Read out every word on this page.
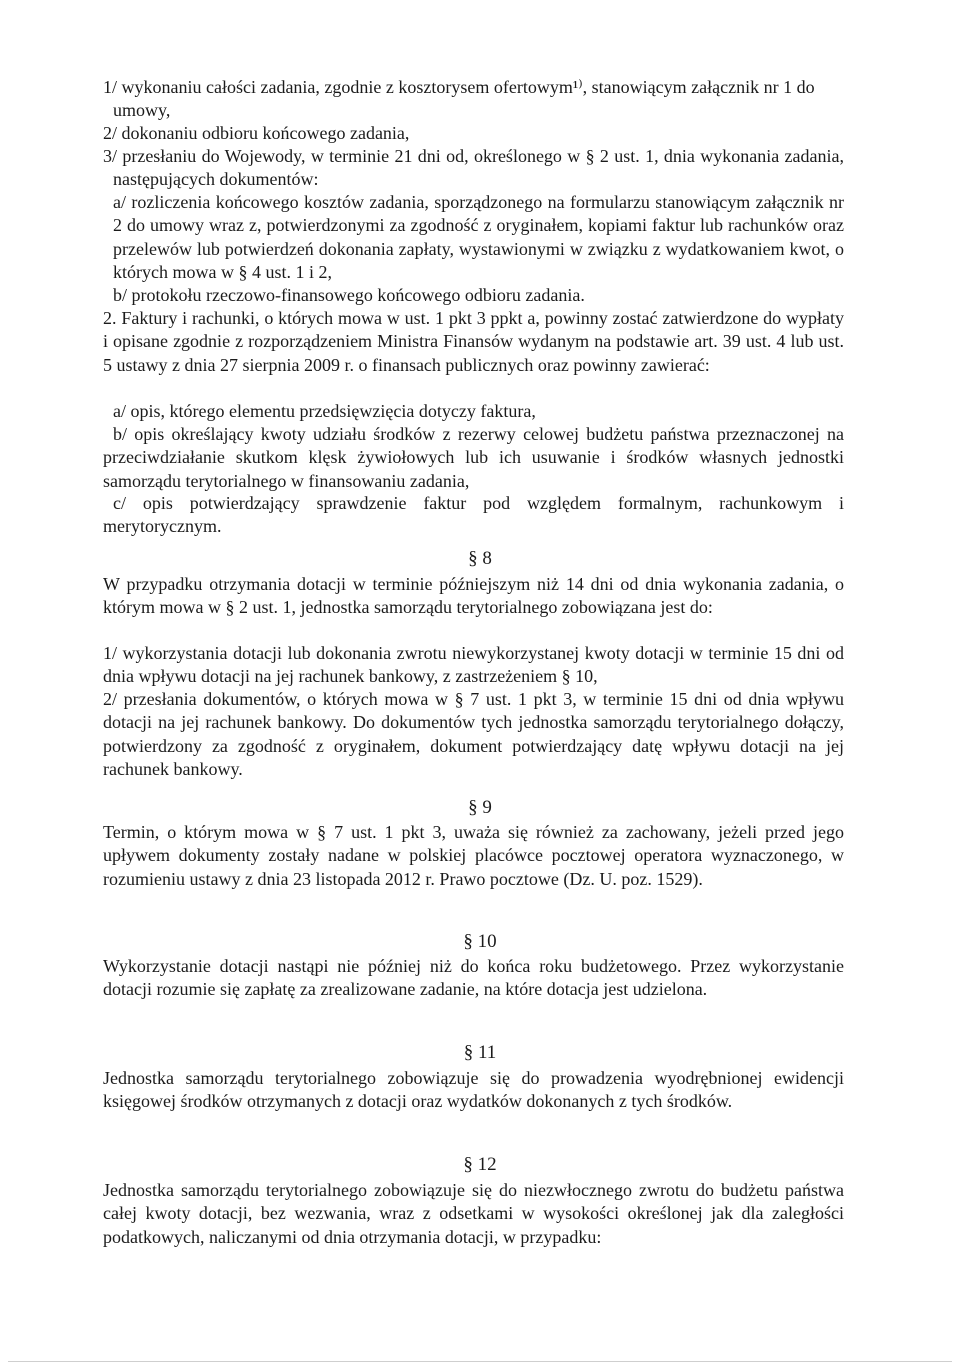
1/ wykonaniu całości zadania, zgodnie z kosztorysem ofertowym¹⁾, stanowiącym załącznik nr 1 do umowy,

2/ dokonaniu odbioru końcowego zadania,

3/ przesłaniu do Wojewody, w terminie 21 dni od, określonego w § 2 ust. 1, dnia wykonania zadania, następujących dokumentów:

a/ rozliczenia końcowego kosztów zadania, sporządzonego na formularzu stanowiącym załącznik nr 2 do umowy wraz z, potwierdzonymi za zgodność z oryginałem, kopiami faktur lub rachunków oraz przelewów lub potwierdzeń dokonania zapłaty, wystawionymi w związku z wydatkowaniem kwot, o których mowa w § 4 ust. 1 i 2,

b/ protokołu rzeczowo-finansowego końcowego odbioru zadania.

2. Faktury i rachunki, o których mowa w ust. 1 pkt 3 ppkt a, powinny zostać zatwierdzone do wypłaty i opisane zgodnie z rozporządzeniem Ministra Finansów wydanym na podstawie art. 39 ust. 4 lub ust. 5 ustawy z dnia 27 sierpnia 2009 r. o finansach publicznych oraz powinny zawierać:

a/ opis, którego elementu przedsięwzięcia dotyczy faktura,

b/ opis określający kwoty udziału środków z rezerwy celowej budżetu państwa przeznaczonej na przeciwdziałanie skutkom klęsk żywiołowych lub ich usuwanie i środków własnych jednostki samorządu terytorialnego w finansowaniu zadania,

c/ opis potwierdzający sprawdzenie faktur pod względem formalnym, rachunkowym i merytorycznym.

§ 8

W przypadku otrzymania dotacji w terminie późniejszym niż 14 dni od dnia wykonania zadania, o którym mowa w § 2 ust. 1, jednostka samorządu terytorialnego zobowiązana jest do:

1/ wykorzystania dotacji lub dokonania zwrotu niewykorzystanej kwoty dotacji w terminie 15 dni od dnia wpływu dotacji na jej rachunek bankowy, z zastrzeżeniem § 10,

2/ przesłania dokumentów, o których mowa w § 7 ust. 1 pkt 3, w terminie 15 dni od dnia wpływu dotacji na jej rachunek bankowy. Do dokumentów tych jednostka samorządu terytorialnego dołączy, potwierdzony za zgodność z oryginałem, dokument potwierdzający datę wpływu dotacji na jej rachunek bankowy.

§ 9

Termin, o którym mowa w § 7 ust. 1 pkt 3, uważa się również za zachowany, jeżeli przed jego upływem dokumenty zostały nadane w polskiej placówce pocztowej operatora wyznaczonego, w rozumieniu ustawy z dnia 23 listopada 2012 r. Prawo pocztowe (Dz. U. poz. 1529).

§ 10

Wykorzystanie dotacji nastąpi nie później niż do końca roku budżetowego. Przez wykorzystanie dotacji rozumie się zapłatę za zrealizowane zadanie, na które dotacja jest udzielona.

§ 11

Jednostka samorządu terytorialnego zobowiązuje się do prowadzenia wyodrębnionej ewidencji księgowej środków otrzymanych z dotacji oraz wydatków dokonanych z tych środków.

§ 12

Jednostka samorządu terytorialnego zobowiązuje się do niezwłocznego zwrotu do budżetu państwa całej kwoty dotacji, bez wezwania, wraz z odsetkami w wysokości określonej jak dla zaległości podatkowych, naliczanymi od dnia otrzymania dotacji, w przypadku:
